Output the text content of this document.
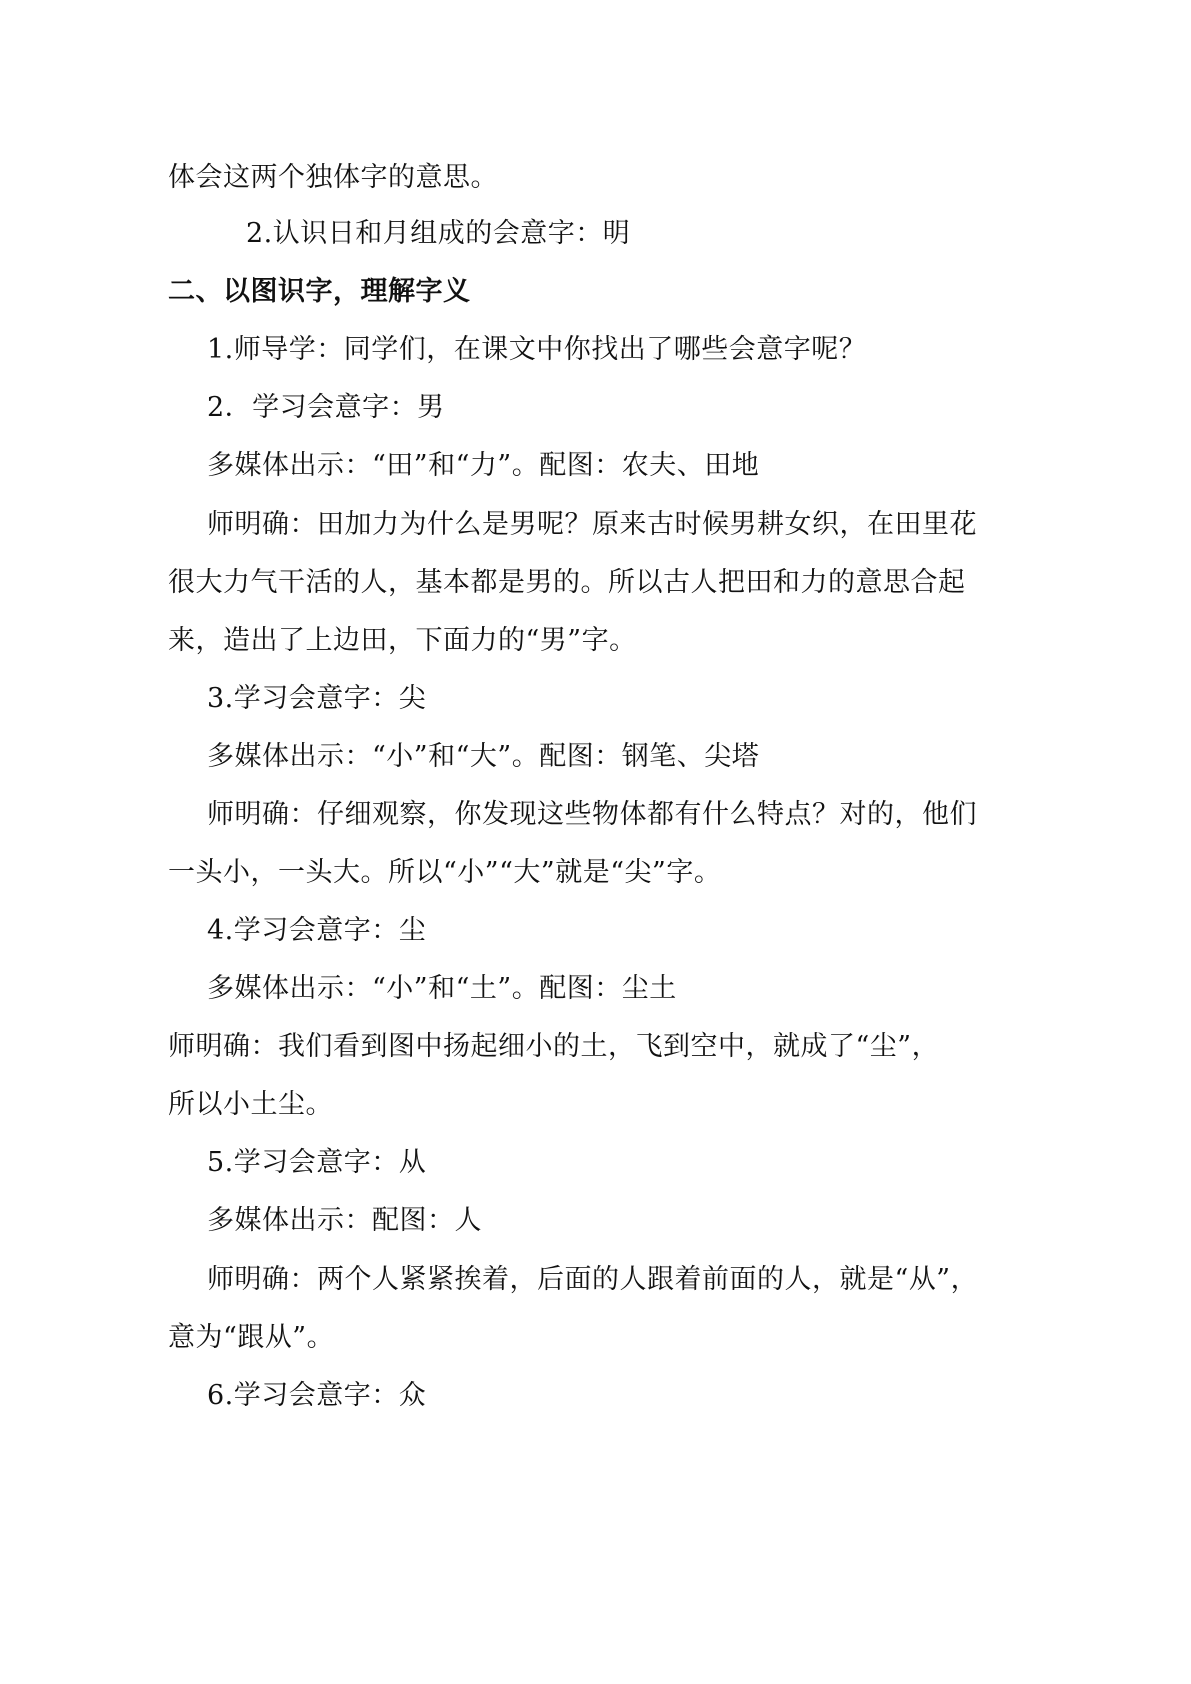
体会这两个独体字的意思。
2.认识日和月组成的会意字：明
二、以图识字，理解字义
1.师导学：同学们，在课文中你找出了哪些会意字呢？
2．学习会意字：男
多媒体出示：“田”和“力”。配图：农夫、田地
师明确：田加力为什么是男呢？原来古时候男耕女织，在田里花
很大力气干活的人，基本都是男的。所以古人把田和力的意思合起
来，造出了上边田，下面力的“男”字。
3.学习会意字：尖
多媒体出示：“小”和“大”。配图：钢笔、尖塔
师明确：仔细观察，你发现这些物体都有什么特点？对的，他们
一头小，一头大。所以“小”“大”就是“尖”字。
4.学习会意字：尘
多媒体出示：“小”和“土”。配图：尘土
师明确：我们看到图中扬起细小的土，飞到空中，就成了“尘”，
所以小土尘。
5.学习会意字：从
多媒体出示：配图：人
师明确：两个人紧紧挨着，后面的人跟着前面的人，就是“从”，
意为“跟从”。
6.学习会意字：众
